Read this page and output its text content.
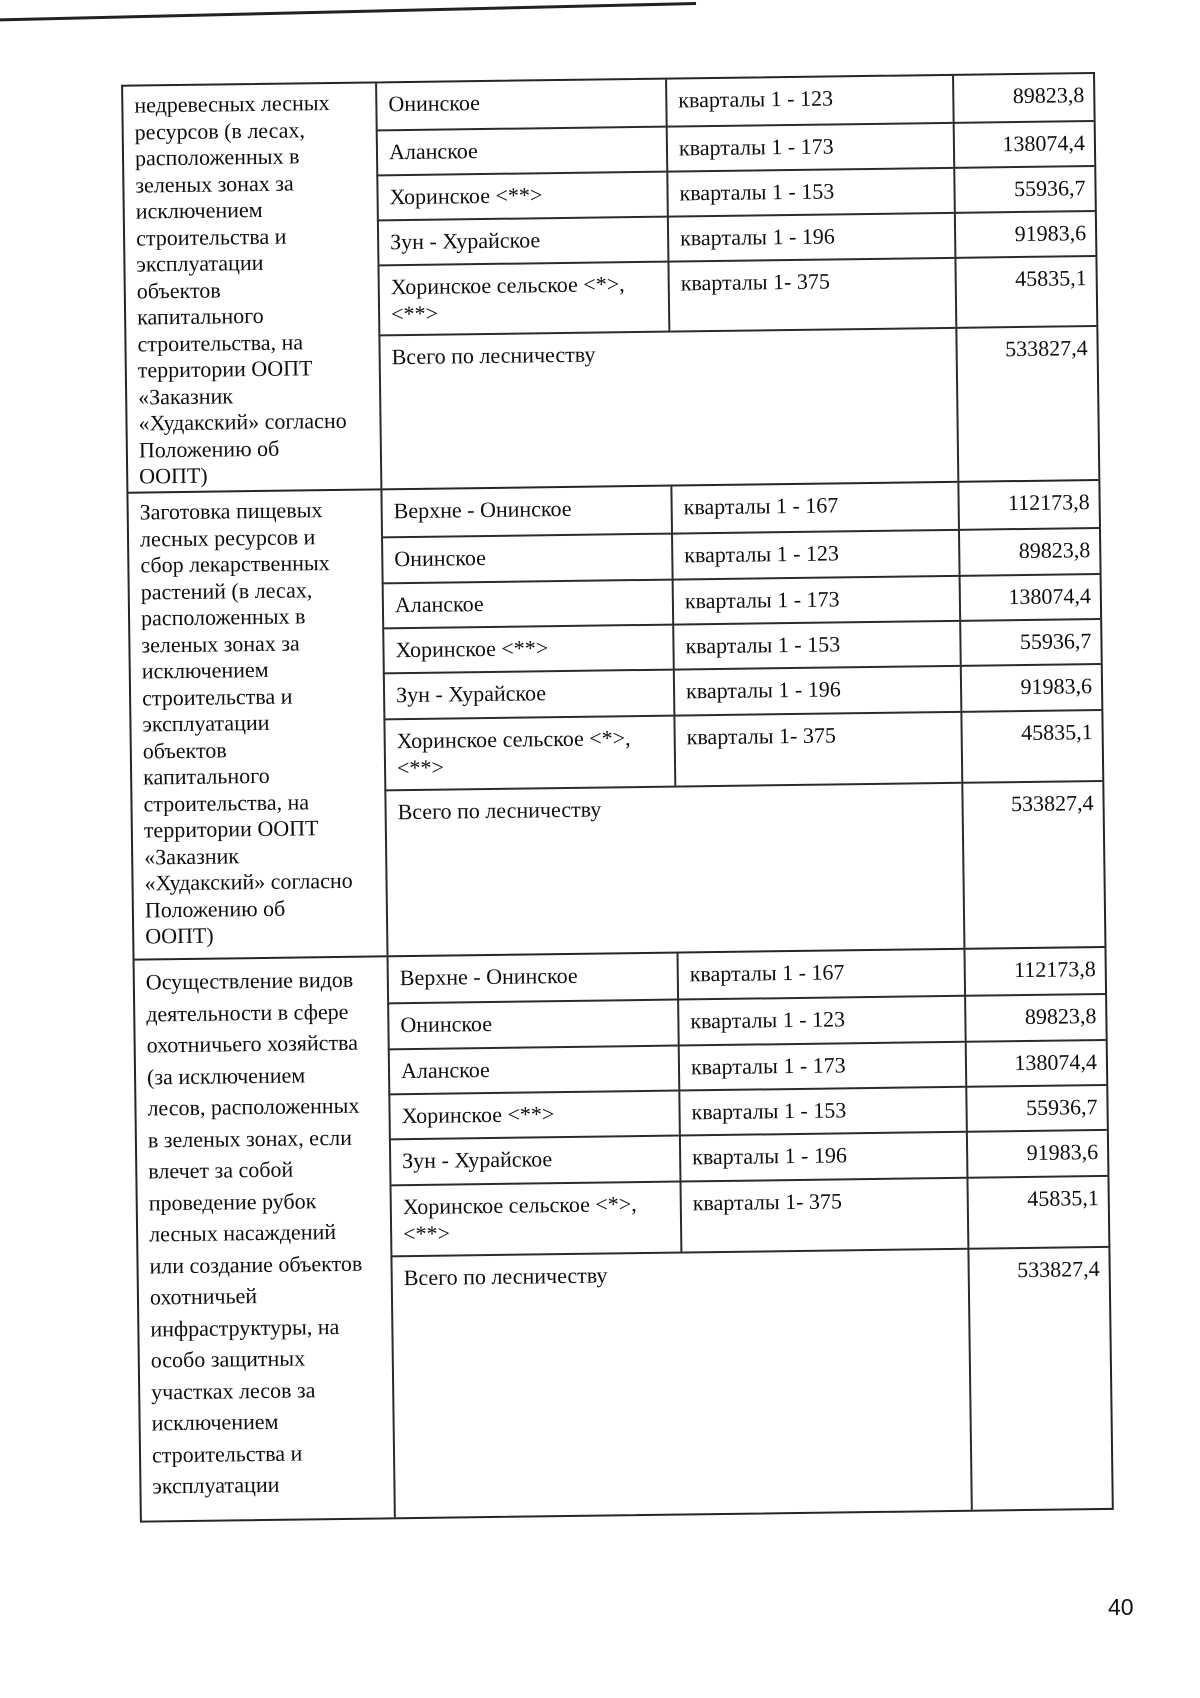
недревесных лесных
ресурсов (в лесах,
расположенных в
зеленых зонах за
исключением
строительства и
эксплуатации
объектов
капитального
строительства, на
территории ООПТ
«Заказник
«Худакский» согласно
Положению об
ООПТ)
Онинское	кварталы 1 - 123	89823,8
Аланское	кварталы 1 - 173	138074,4
Хоринское <**>	кварталы 1 - 153	55936,7
Зун - Хурайское	кварталы 1 - 196	91983,6
Хоринское сельское <*>,
<**>
кварталы 1- 375	45835,1
Всего по лесничеству	533827,4
Заготовка пищевых
лесных ресурсов и
сбор лекарственных
растений (в лесах,
расположенных в
зеленых зонах за
исключением
строительства и
эксплуатации
объектов
капитального
строительства, на
территории ООПТ
«Заказник
«Худакский» согласно
Положению об
ООПТ)
Верхне - Онинское	кварталы 1 - 167	112173,8
Онинское	кварталы 1 - 123	89823,8
Аланское	кварталы 1 - 173	138074,4
Хоринское <**>	кварталы 1 - 153	55936,7
Зун - Хурайское	кварталы 1 - 196	91983,6
Хоринское сельское <*>,
<**>
кварталы 1- 375	45835,1
Всего по лесничеству	533827,4
Осуществление видов
деятельности в сфере
охотничьего хозяйства
(за исключением
лесов, расположенных
в зеленых зонах, если
влечет за собой
проведение рубок
лесных насаждений
или создание объектов
охотничьей
инфраструктуры, на
особо защитных
участках лесов за
исключением
строительства и
эксплуатации
Верхне - Онинское	кварталы 1 - 167	112173,8
Онинское	кварталы 1 - 123	89823,8
Аланское	кварталы 1 - 173	138074,4
Хоринское <**>	кварталы 1 - 153	55936,7
Зун - Хурайское	кварталы 1 - 196	91983,6
Хоринское сельское <*>,
<**>
кварталы 1- 375	45835,1
Всего по лесничеству	533827,4
40
